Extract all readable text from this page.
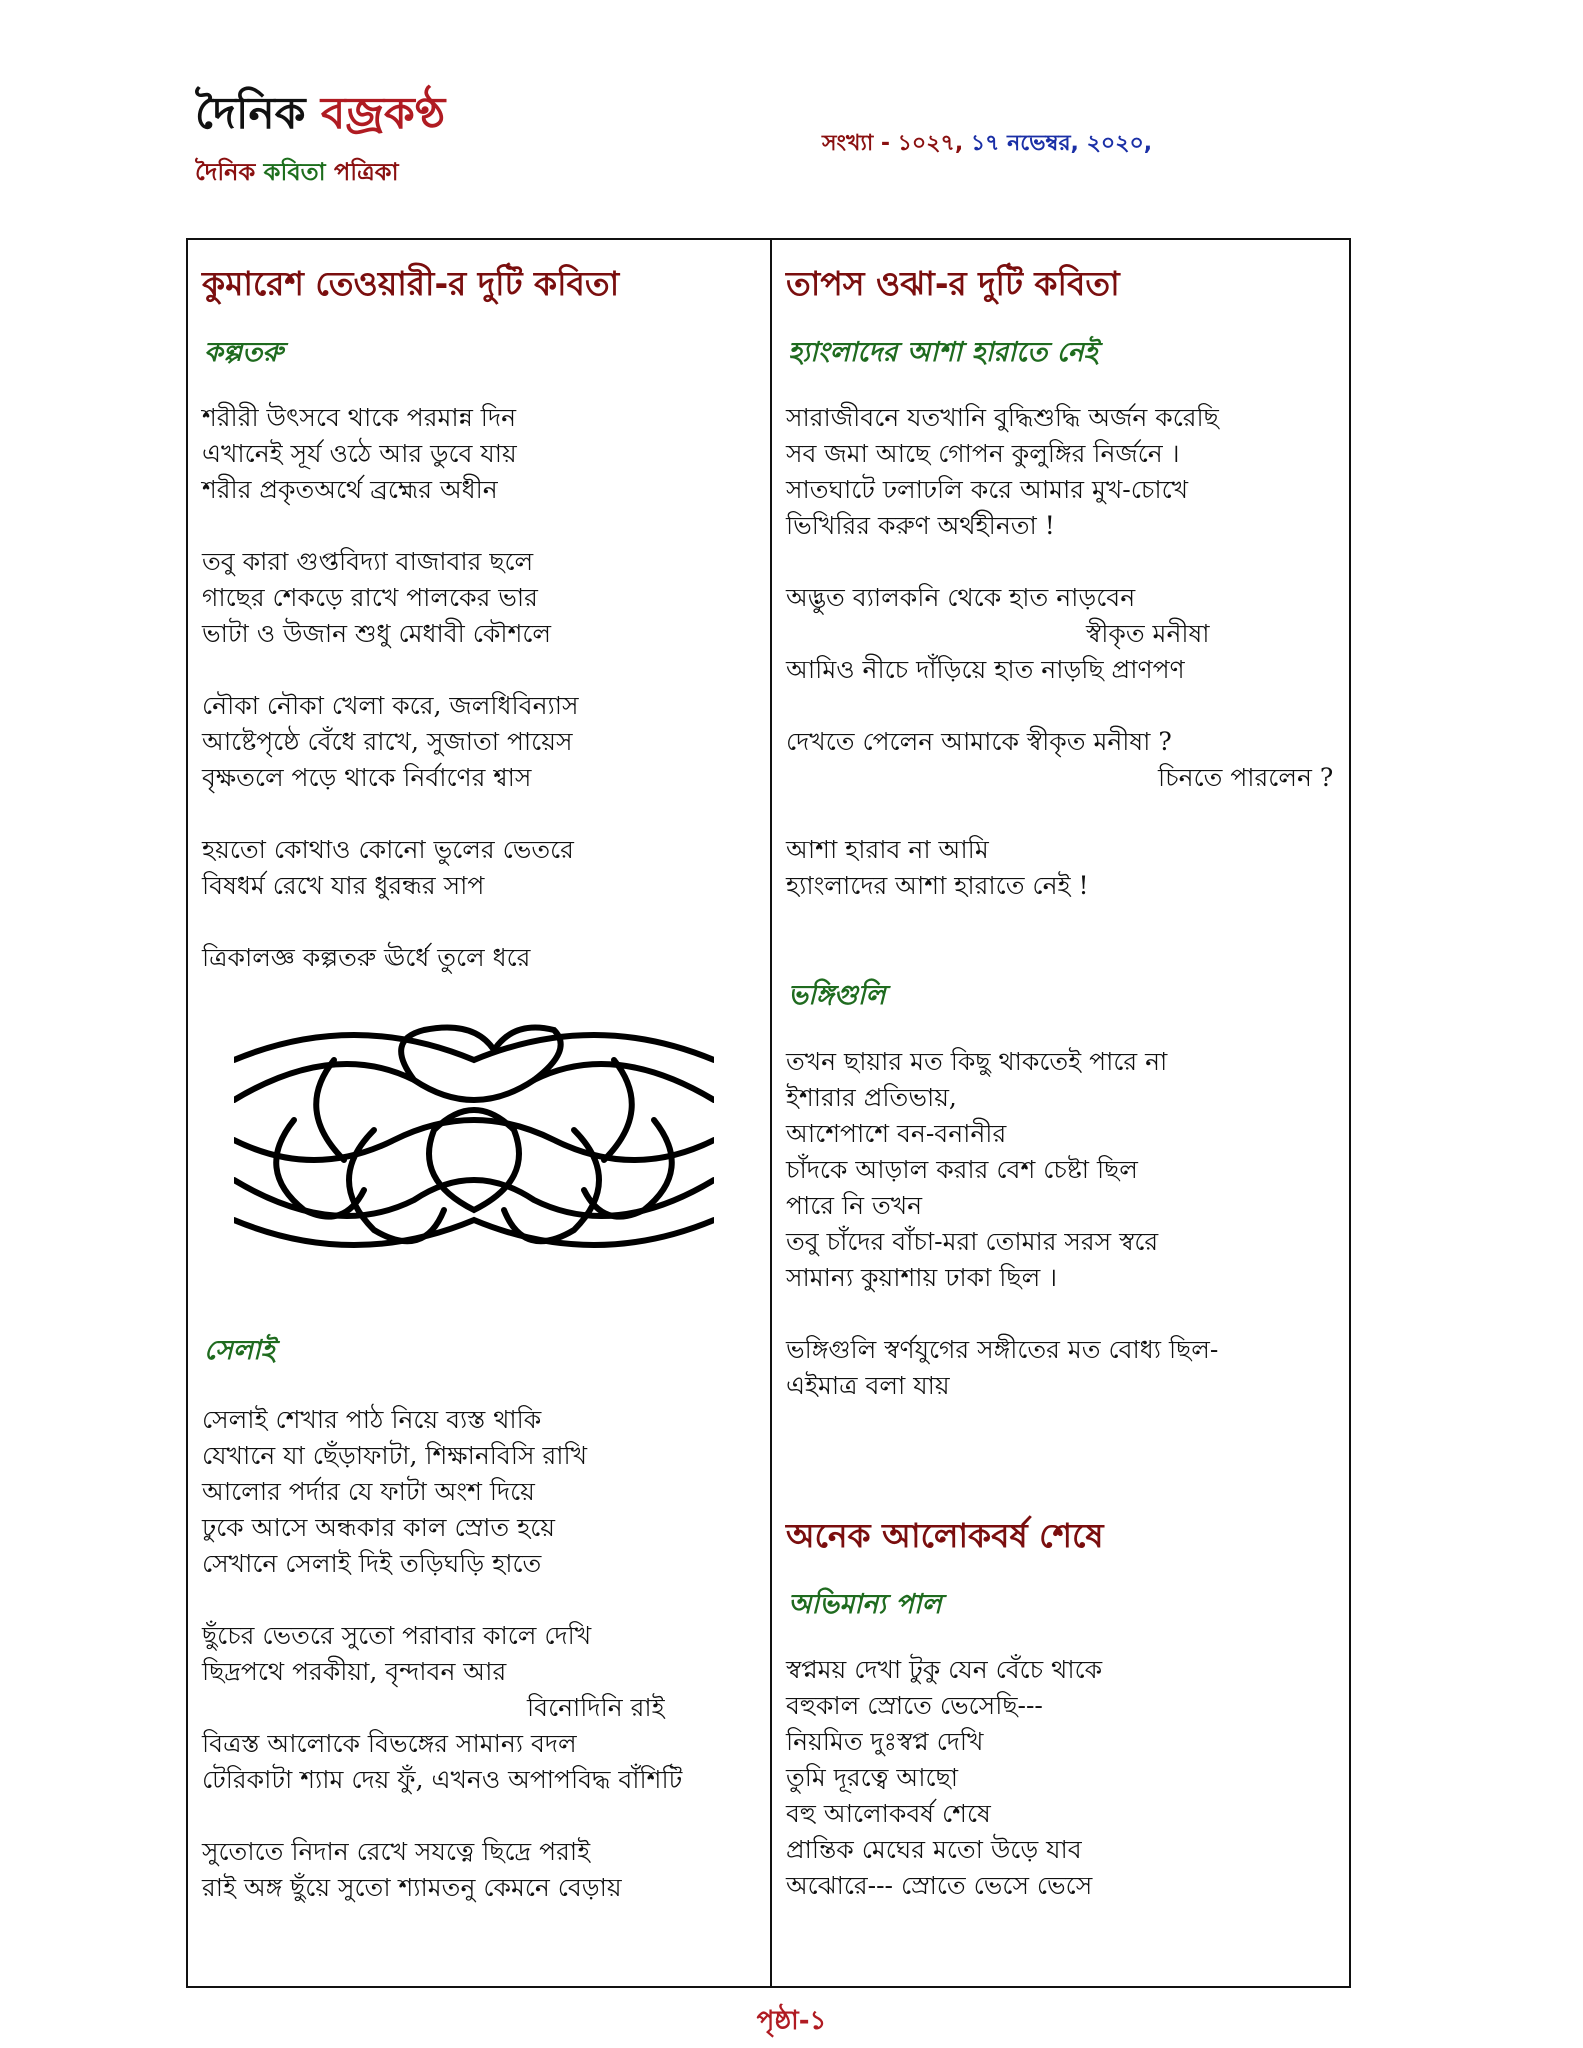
দৈনিক বজ্রকণ্ঠ
দৈনিক কবিতা পত্রিকা
সংখ্যা - ১০২৭, ১৭ নভেম্বর, ২০২০,
কুমারেশ তেওয়ারী-র দুটি কবিতা
কল্পতরু
শরীরী উৎসবে থাকে পরমান্ন দিন
এখানেই সূর্য ওঠে আর ডুবে যায়
শরীর প্রকৃতঅর্থে ব্রহ্মের অধীন
তবু কারা গুপ্তবিদ্যা বাজাবার ছলে
গাছের শেকড়ে রাখে পালকের ভার
ভাটা ও উজান শুধু মেধাবী কৌশলে
নৌকা নৌকা খেলা করে, জলধিবিন্যাস
আষ্টেপৃষ্ঠে বেঁধে রাখে, সুজাতা পায়েস
বৃক্ষতলে পড়ে থাকে নির্বাণের শ্বাস
হয়তো কোথাও কোনো ভুলের ভেতরে
বিষধর্ম রেখে যার ধুরন্ধর সাপ
ত্রিকালজ্ঞ কল্পতরু ঊর্ধে তুলে ধরে
সেলাই
সেলাই শেখার পাঠ নিয়ে ব্যস্ত থাকি
যেখানে যা ছেঁড়াফাটা, শিক্ষানবিসি রাখি
আলোর পর্দার যে ফাটা অংশ দিয়ে
ঢুকে আসে অন্ধকার কাল স্রোত হয়ে
সেখানে সেলাই দিই তড়িঘড়ি হাতে
ছুঁচের ভেতরে সুতো পরাবার কালে দেখি
ছিদ্রপথে পরকীয়া, বৃন্দাবন আর
বিনোদিনি রাই
বিত্রস্ত আলোকে বিভঙ্গের সামান্য বদল
টেরিকাটা শ্যাম দেয় ফুঁ, এখনও অপাপবিদ্ধ বাঁশিটি
সুতোতে নিদান রেখে সযত্নে ছিদ্রে পরাই
রাই অঙ্গ ছুঁয়ে সুতো শ্যামতনু কেমনে বেড়ায়
তাপস ওঝা-র দুটি কবিতা
হ্যাংলাদের আশা হারাতে নেই
সারাজীবনে যতখানি বুদ্ধিশুদ্ধি অর্জন করেছি
সব জমা আছে গোপন কুলুঙ্গির নির্জনে ।
সাতঘাটে ঢলাঢলি করে আমার মুখ-চোখে
ভিখিরির করুণ অর্থহীনতা !
অদ্ভুত ব্যালকনি থেকে হাত নাড়বেন
স্বীকৃত মনীষা
আমিও নীচে দাঁড়িয়ে হাত নাড়ছি প্রাণপণ
দেখতে পেলেন আমাকে স্বীকৃত মনীষা ?
চিনতে পারলেন ?
আশা হারাব না আমি
হ্যাংলাদের আশা হারাতে নেই !
ভঙ্গিগুলি
তখন ছায়ার মত কিছু থাকতেই পারে না
ইশারার প্রতিভায়,
আশেপাশে বন-বনানীর
চাঁদকে আড়াল করার বেশ চেষ্টা ছিল
পারে নি তখন
তবু চাঁদের বাঁচা-মরা তোমার সরস স্বরে
সামান্য কুয়াশায় ঢাকা ছিল ।
ভঙ্গিগুলি স্বর্ণযুগের সঙ্গীতের মত বোধ্য ছিল-
এইমাত্র বলা যায়
অনেক আলোকবর্ষ শেষে
অভিমান্য পাল
স্বপ্নময় দেখা টুকু যেন বেঁচে থাকে
বহুকাল স্রোতে ভেসেছি---
নিয়মিত দুঃস্বপ্ন দেখি
তুমি দূরত্বে আছো
বহু আলোকবর্ষ শেষে
প্রান্তিক মেঘের মতো উড়ে যাব
অঝোরে--- স্রোতে ভেসে ভেসে
পৃষ্ঠা-১
